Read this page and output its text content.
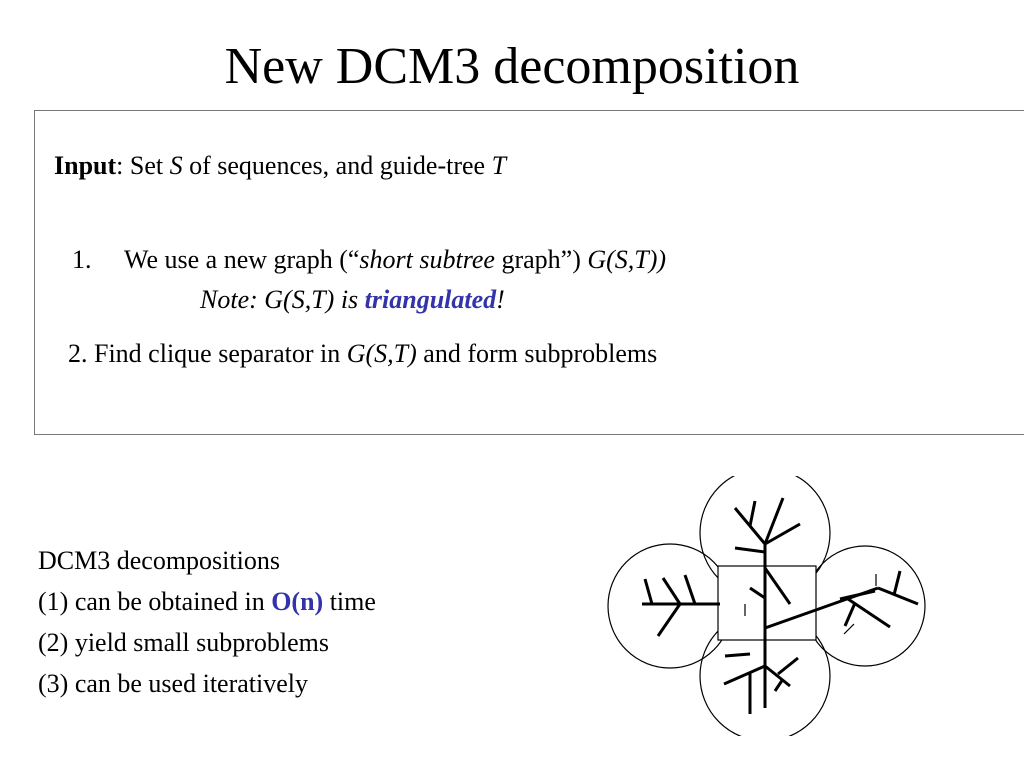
New DCM3 decomposition
Input: Set S of sequences, and guide-tree T
1. We use a new graph (“short subtree graph”) G(S,T))
Note: G(S,T) is triangulated!
2. Find clique separator in G(S,T) and form subproblems
DCM3 decompositions
(1) can be obtained in O(n) time
(2) yield small subproblems
(3) can be used iteratively
